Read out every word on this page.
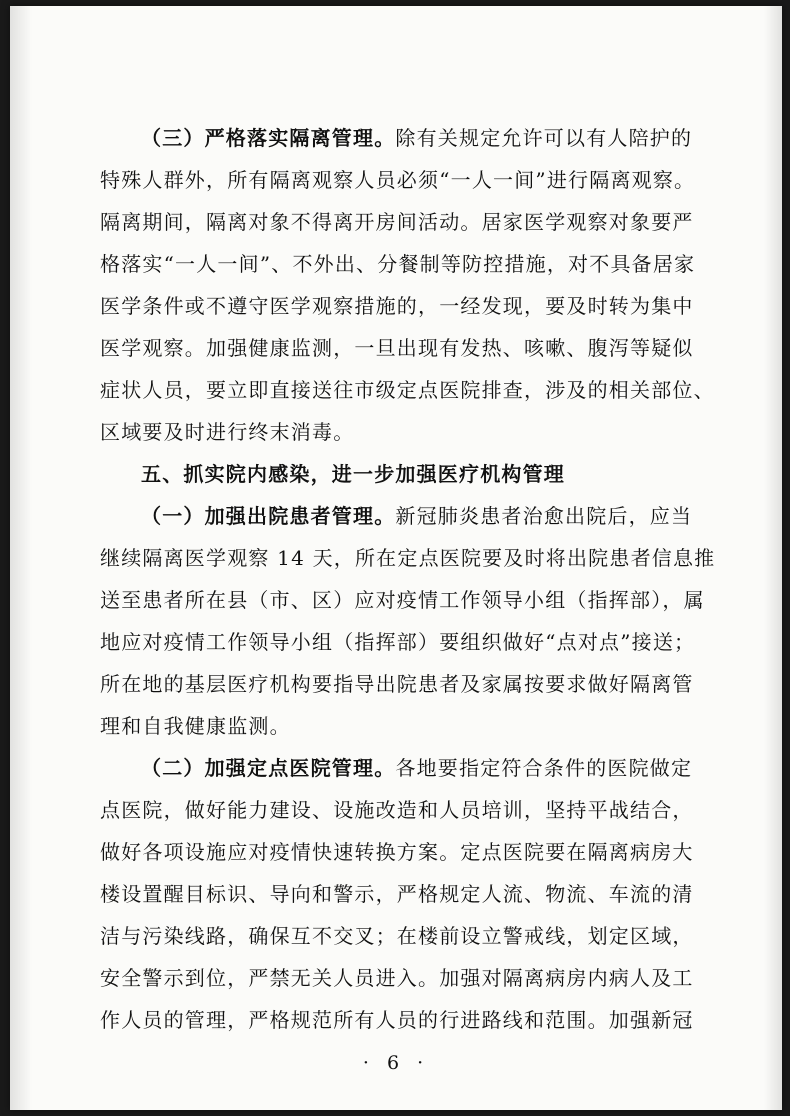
（三）严格落实隔离管理。除有关规定允许可以有人陪护的
特殊人群外，所有隔离观察人员必须“一人一间”进行隔离观察。
隔离期间，隔离对象不得离开房间活动。居家医学观察对象要严
格落实“一人一间”、不外出、分餐制等防控措施，对不具备居家
医学条件或不遵守医学观察措施的，一经发现，要及时转为集中
医学观察。加强健康监测，一旦出现有发热、咳嗽、腹泻等疑似
症状人员，要立即直接送往市级定点医院排查，涉及的相关部位、
区域要及时进行终末消毒。
五、抓实院内感染，进一步加强医疗机构管理
（一）加强出院患者管理。新冠肺炎患者治愈出院后，应当
继续隔离医学观察 14 天，所在定点医院要及时将出院患者信息推
送至患者所在县（市、区）应对疫情工作领导小组（指挥部），属
地应对疫情工作领导小组（指挥部）要组织做好“点对点”接送；
所在地的基层医疗机构要指导出院患者及家属按要求做好隔离管
理和自我健康监测。
（二）加强定点医院管理。各地要指定符合条件的医院做定
点医院，做好能力建设、设施改造和人员培训，坚持平战结合，
做好各项设施应对疫情快速转换方案。定点医院要在隔离病房大
楼设置醒目标识、导向和警示，严格规定人流、物流、车流的清
洁与污染线路，确保互不交叉；在楼前设立警戒线，划定区域，
安全警示到位，严禁无关人员进入。加强对隔离病房内病人及工
作人员的管理，严格规范所有人员的行进路线和范围。加强新冠
· 6 ·
